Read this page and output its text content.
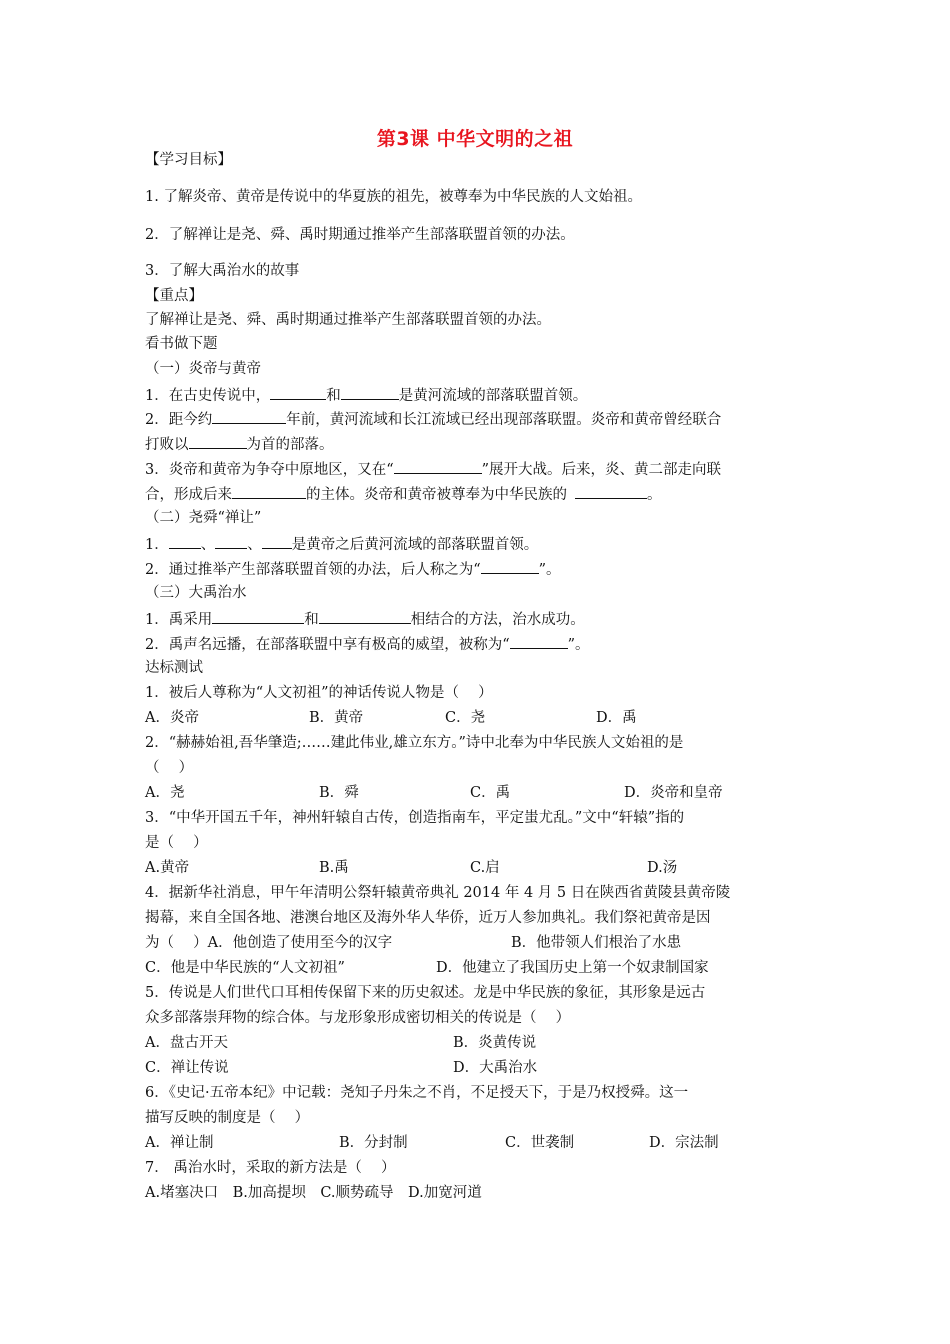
第3课 中华文明的之祖
【学习目标】
1. 了解炎帝、黄帝是传说中的华夏族的祖先，被尊奉为中华民族的人文始祖。
2．了解禅让是尧、舜、禹时期通过推举产生部落联盟首领的办法。
3．了解大禹治水的故事
【重点】
了解禅让是尧、舜、禹时期通过推举产生部落联盟首领的办法。
看书做下题
（一）炎帝与黄帝
1．在古史传说中，	和	是黄河流域的部落联盟首领。
2．距今约	年前，黄河流域和长江流域已经出现部落联盟。炎帝和黄帝曾经联合
打败以	为首的部落。
3．炎帝和黄帝为争夺中原地区，又在“	”展开大战。后来，炎、黄二部走向联
合，形成后来	的主体。炎帝和黄帝被尊奉为中华民族的	。
（二）尧舜“禅让”
1． 、 、 是黄帝之后黄河流域的部落联盟首领。
2．通过推举产生部落联盟首领的办法，后人称之为“	”。
（三）大禹治水
1．禹采用	和	相结合的方法，治水成功。
2．禹声名远播，在部落联盟中享有极高的威望，被称为“	”。
达标测试
1．被后人尊称为“人文初祖”的神话传说人物是（　 ）
A．炎帝	B．黄帝	C．尧	D．禹
2．“赫赫始祖,吾华肇造;……建此伟业,雄立东方。”诗中北奉为中华民族人文始祖的是
（　 ）
A．尧	B．舜	C．禹	D．炎帝和皇帝
3．“中华开国五千年，神州轩辕自古传，创造指南车，平定蚩尤乱。”文中“轩辕”指的
是（　 ）
A.黄帝	B.禹	C.启	D.汤
4．据新华社消息，甲午年清明公祭轩辕黄帝典礼 2014 年 4 月 5 日在陕西省黄陵县黄帝陵
揭幕，来自全国各地、港澳台地区及海外华人华侨，近万人参加典礼。我们祭祀黄帝是因
为（　 ）A．他创造了使用至今的汉字	B．他带领人们根治了水患
C．他是中华民族的“人文初祖”	D．他建立了我国历史上第一个奴隶制国家
5．传说是人们世代口耳相传保留下来的历史叙述。龙是中华民族的象征，其形象是远古
众多部落崇拜物的综合体。与龙形象形成密切相关的传说是（　 ）
A．盘古开天	B．炎黄传说
C．禅让传说	D．大禹治水
6．《史记·五帝本纪》中记载：尧知子丹朱之不肖，不足授天下，于是乃权授舜。这一
描写反映的制度是（　 ）
A．禅让制	B．分封制	C．世袭制	D．宗法制
7． 禹治水时，采取的新方法是（　 ）
A.堵塞决口　B.加高提坝　C.顺势疏导　D.加宽河道
